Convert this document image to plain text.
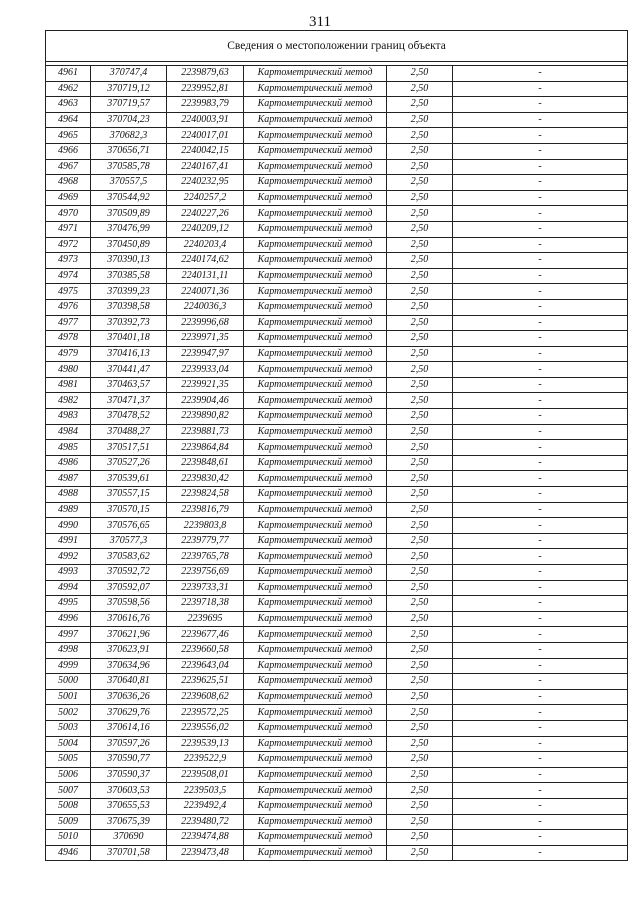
311
Сведения о местоположении границ объекта					

4961	370747,4	2239879,63	Картометрический метод	2,50	-
4962	370719,12	2239952,81	Картометрический метод	2,50	-
4963	370719,57	2239983,79	Картометрический метод	2,50	-
4964	370704,23	2240003,91	Картометрический метод	2,50	-
4965	370682,3	2240017,01	Картометрический метод	2,50	-
4966	370656,71	2240042,15	Картометрический метод	2,50	-
4967	370585,78	2240167,41	Картометрический метод	2,50	-
4968	370557,5	2240232,95	Картометрический метод	2,50	-
4969	370544,92	2240257,2	Картометрический метод	2,50	-
4970	370509,89	2240227,26	Картометрический метод	2,50	-
4971	370476,99	2240209,12	Картометрический метод	2,50	-
4972	370450,89	2240203,4	Картометрический метод	2,50	-
4973	370390,13	2240174,62	Картометрический метод	2,50	-
4974	370385,58	2240131,11	Картометрический метод	2,50	-
4975	370399,23	2240071,36	Картометрический метод	2,50	-
4976	370398,58	2240036,3	Картометрический метод	2,50	-
4977	370392,73	2239996,68	Картометрический метод	2,50	-
4978	370401,18	2239971,35	Картометрический метод	2,50	-
4979	370416,13	2239947,97	Картометрический метод	2,50	-
4980	370441,47	2239933,04	Картометрический метод	2,50	-
4981	370463,57	2239921,35	Картометрический метод	2,50	-
4982	370471,37	2239904,46	Картометрический метод	2,50	-
4983	370478,52	2239890,82	Картометрический метод	2,50	-
4984	370488,27	2239881,73	Картометрический метод	2,50	-
4985	370517,51	2239864,84	Картометрический метод	2,50	-
4986	370527,26	2239848,61	Картометрический метод	2,50	-
4987	370539,61	2239830,42	Картометрический метод	2,50	-
4988	370557,15	2239824,58	Картометрический метод	2,50	-
4989	370570,15	2239816,79	Картометрический метод	2,50	-
4990	370576,65	2239803,8	Картометрический метод	2,50	-
4991	370577,3	2239779,77	Картометрический метод	2,50	-
4992	370583,62	2239765,78	Картометрический метод	2,50	-
4993	370592,72	2239756,69	Картометрический метод	2,50	-
4994	370592,07	2239733,31	Картометрический метод	2,50	-
4995	370598,56	2239718,38	Картометрический метод	2,50	-
4996	370616,76	2239695	Картометрический метод	2,50	-
4997	370621,96	2239677,46	Картометрический метод	2,50	-
4998	370623,91	2239660,58	Картометрический метод	2,50	-
4999	370634,96	2239643,04	Картометрический метод	2,50	-
5000	370640,81	2239625,51	Картометрический метод	2,50	-
5001	370636,26	2239608,62	Картометрический метод	2,50	-
5002	370629,76	2239572,25	Картометрический метод	2,50	-
5003	370614,16	2239556,02	Картометрический метод	2,50	-
5004	370597,26	2239539,13	Картометрический метод	2,50	-
5005	370590,77	2239522,9	Картометрический метод	2,50	-
5006	370590,37	2239508,01	Картометрический метод	2,50	-
5007	370603,53	2239503,5	Картометрический метод	2,50	-
5008	370655,53	2239492,4	Картометрический метод	2,50	-
5009	370675,39	2239480,72	Картометрический метод	2,50	-
5010	370690	2239474,88	Картометрический метод	2,50	-
4946	370701,58	2239473,48	Картометрический метод	2,50	-
